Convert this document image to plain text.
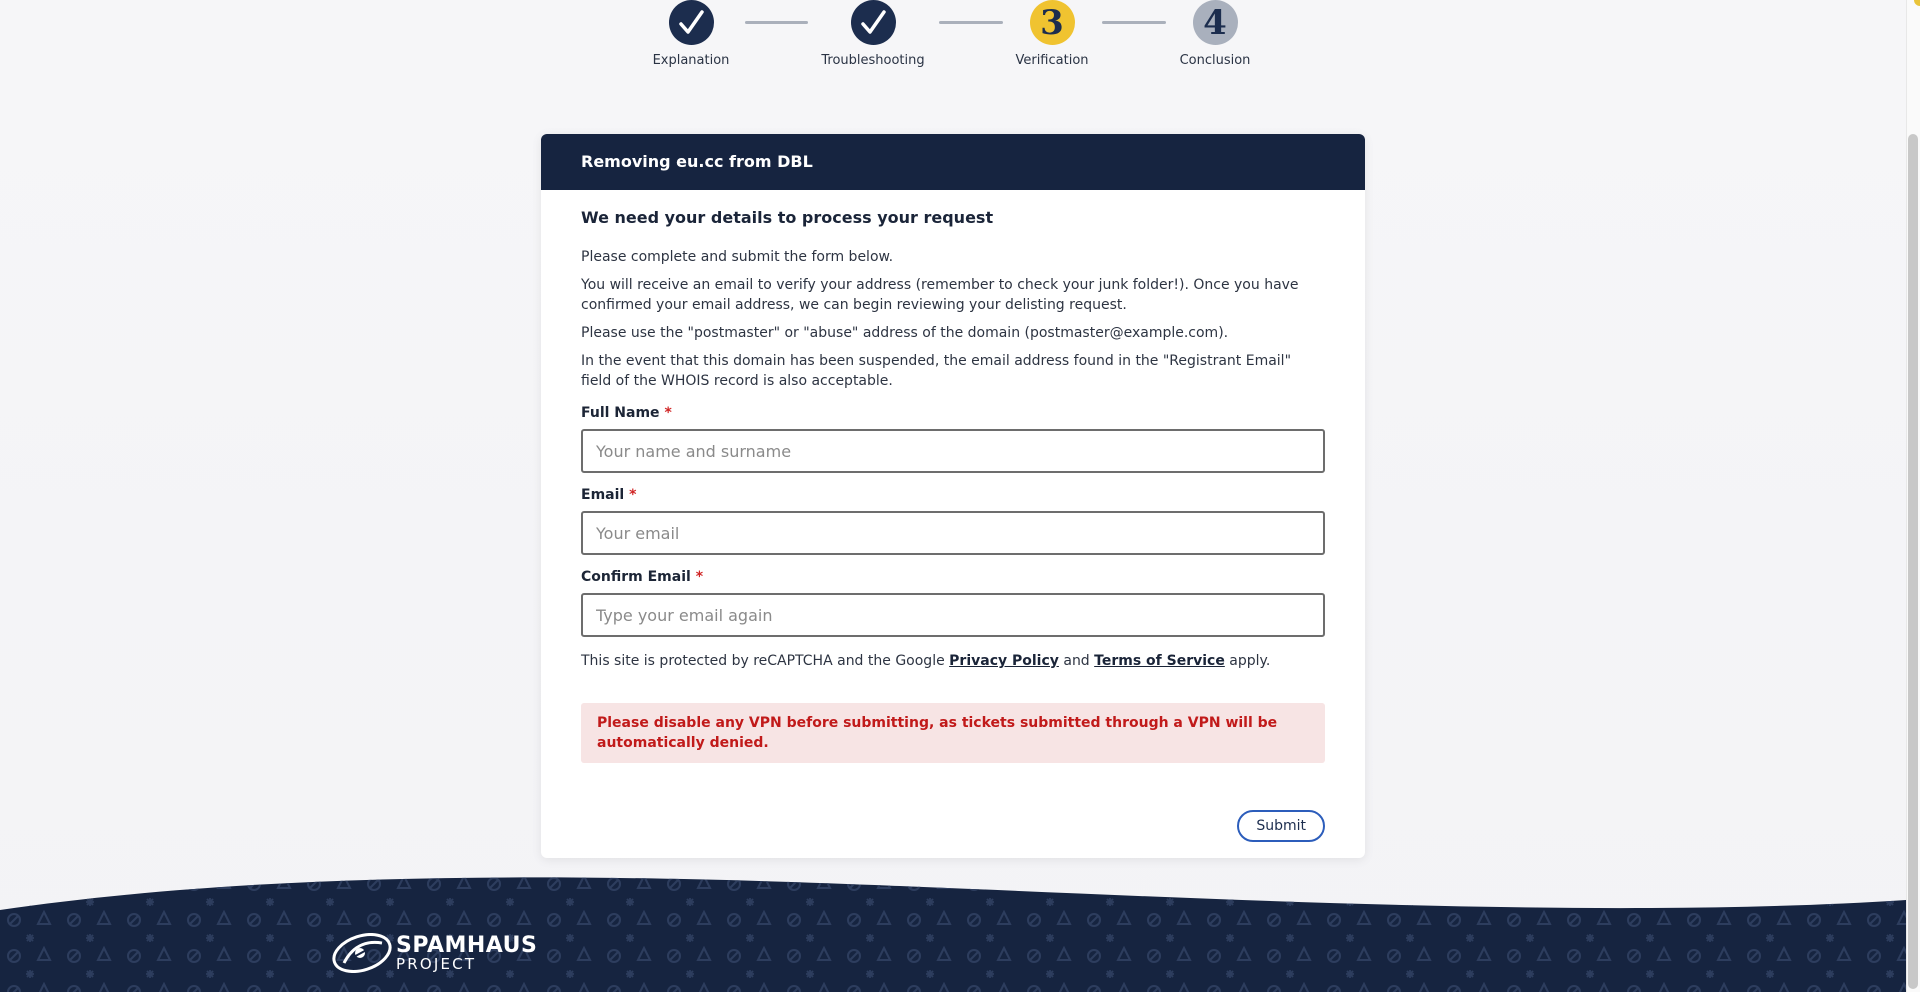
Explanation	Troubleshooting
3
Verification
4
Conclusion
Removing eu.cc from DBL
We need your details to process your request

Please complete and submit the form below.

You will receive an email to verify your address (remember to check your junk folder!). Once you have confirmed your email address, we can begin reviewing your delisting request.

Please use the "postmaster" or "abuse" address of the domain (postmaster@example.com).

In the event that this domain has been suspended, the email address found in the "Registrant Email" field of the WHOIS record is also acceptable.

Full Name *
Your name and surname
Email *
Your email
Confirm Email *
Type your email again
This site is protected by reCAPTCHA and the Google Privacy Policy and Terms of Service apply.
Please disable any VPN before submitting, as tickets submitted through a VPN will be automatically denied.
Submit
SPAMHAUS
PROJECT
